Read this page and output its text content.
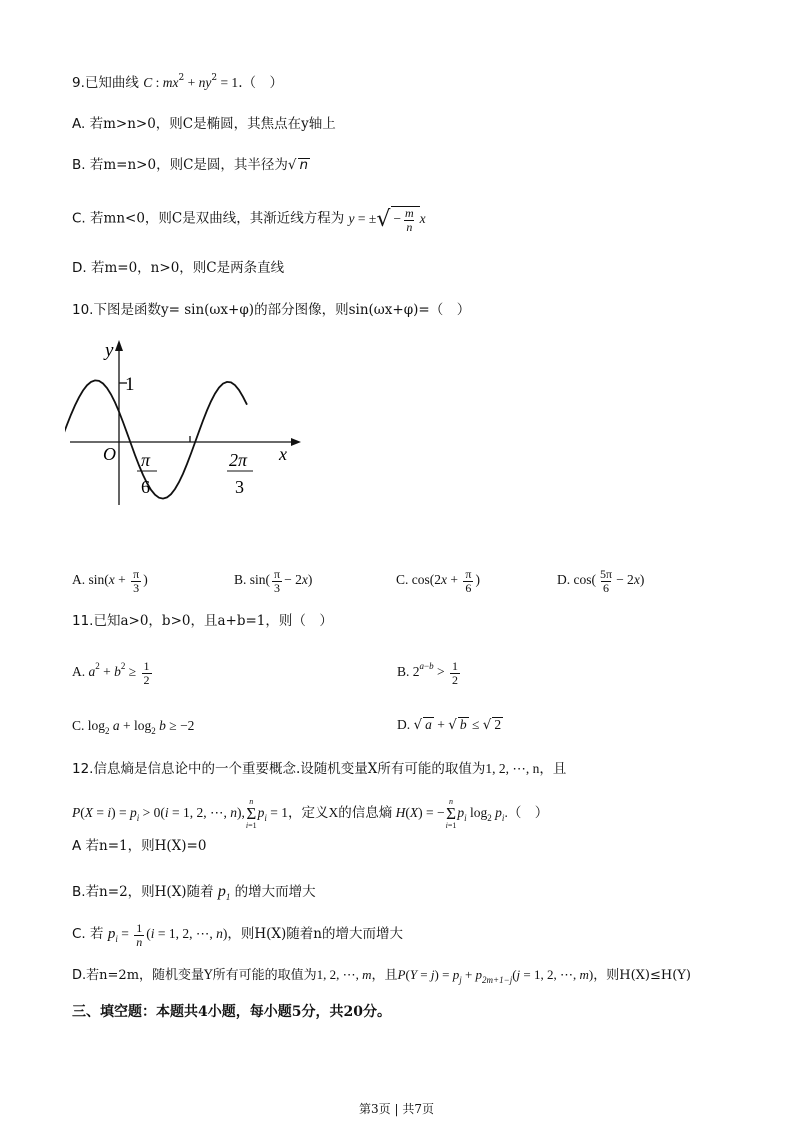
9.已知曲线 C : $mx^2 + ny^2 = 1$.（　）
A. 若m>n>0，则C是椭圆，其焦点在y轴上
B. 若m=n>0，则C是圆，其半径为√ n
C. 若mn<0，则C是双曲线，其渐近线方程为 y = ±√ − $\frac{m}{n}$ x
D. 若m=0，n>0，则C是两条直线
10.下图是函数y= sin(ωx+φ)的部分图像，则sin(ωx+φ)=（　）
y
1
O	x
π
6
2π
3
A. $\sin(x + \frac{\pi}{3}$ )	B. $\sin( \frac{\pi}{3} - 2x)$	C. $\cos(2x + \frac{\pi}{6}$ )	D. $\cos( \frac{5\pi}{6} - 2x)$
11.已知a>0，b>0，且a+b=1，则（　）
A. $a^2 + b^2 \ge \frac{1}{2}$	B. $2^{a-b} > \frac{1}{2}$
C. $\log_2 a + \log_2 b \ge -2$	D. √ a + √ b ≤ √ 2
12.信息熵是信息论中的一个重要概念.设随机变量X所有可能的取值为1, 2, ⋯, n，且
$P(X = i) = p_i > 0(i = 1$, 2, ⋯, n),
n
Σ
i=1
$p_i = 1$，定义X的信息熵 H(X) = −
n
Σ
i=1
$p_i$ $\log_2 p_i$.（　）
A 若n=1，则H(X)=0
B.若n=2，则H(X)随着 $p_1$ 的增大而增大
C. 若 $p_i = \frac{1}{n} (i = 1$, 2, ⋯, n)，则H(X)随着n的增大而增大
D.若n=2m，随机变量Y所有可能的取值为1, 2, ⋯, m，且$P(Y = j) = p_j + p_{2m+1-j}(j = 1$, 2, ⋯, m)，则H(X)≤H(Y)
三、填空题：本题共4小题，每小题5分，共20分。
第3页 | 共7页
